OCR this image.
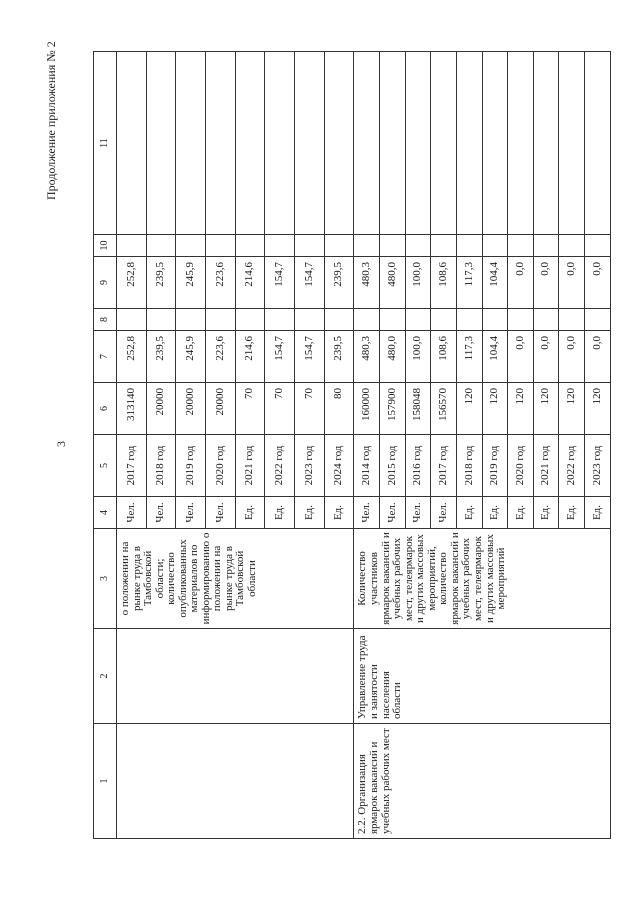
3
Продолжение приложения № 2
1	2	3	4	5	6	7	8	9	10	11
		о положении на рынке труда в Тамбовской области; количество опубликованных материалов по информированию о положении на рынке труда в Тамбовской области	Чел.	2017 год	313140	252,8		252,8		
			Чел.	2018 год	20000	239,5		239,5		
			Чел.	2019 год	20000	245,9		245,9		
			Чел.	2020 год	20000	223,6		223,6		
			Ед.	2021 год	70	214,6		214,6		
			Ед.	2022 год	70	154,7		154,7		
			Ед.	2023 год	70	154,7		154,7		
			Ед.	2024 год	80	239,5		239,5		
2.2. Организация ярмарок вакансий и учебных рабочих мест	Управление труда и занятости населения области	Количество участников ярмарок вакансий и учебных рабочих мест, телеярмарок и других массовых мероприятий, количество ярмарок вакансий и учебных рабочих мест, телеярмарок и других массовых мероприятий	Чел.	2014 год	160000	480,3		480,3		
			Чел.	2015 год	157900	480,0		480,0		
			Чел.	2016 год	158048	100,0		100,0		
			Чел.	2017 год	156570	108,6		108,6		
			Ед.	2018 год	120	117,3		117,3		
			Ед.	2019 год	120	104,4		104,4		
			Ед.	2020 год	120	0,0		0,0		
			Ед.	2021 год	120	0,0		0,0		
			Ед.	2022 год	120	0,0		0,0		
			Ед.	2023 год	120	0,0		0,0		
